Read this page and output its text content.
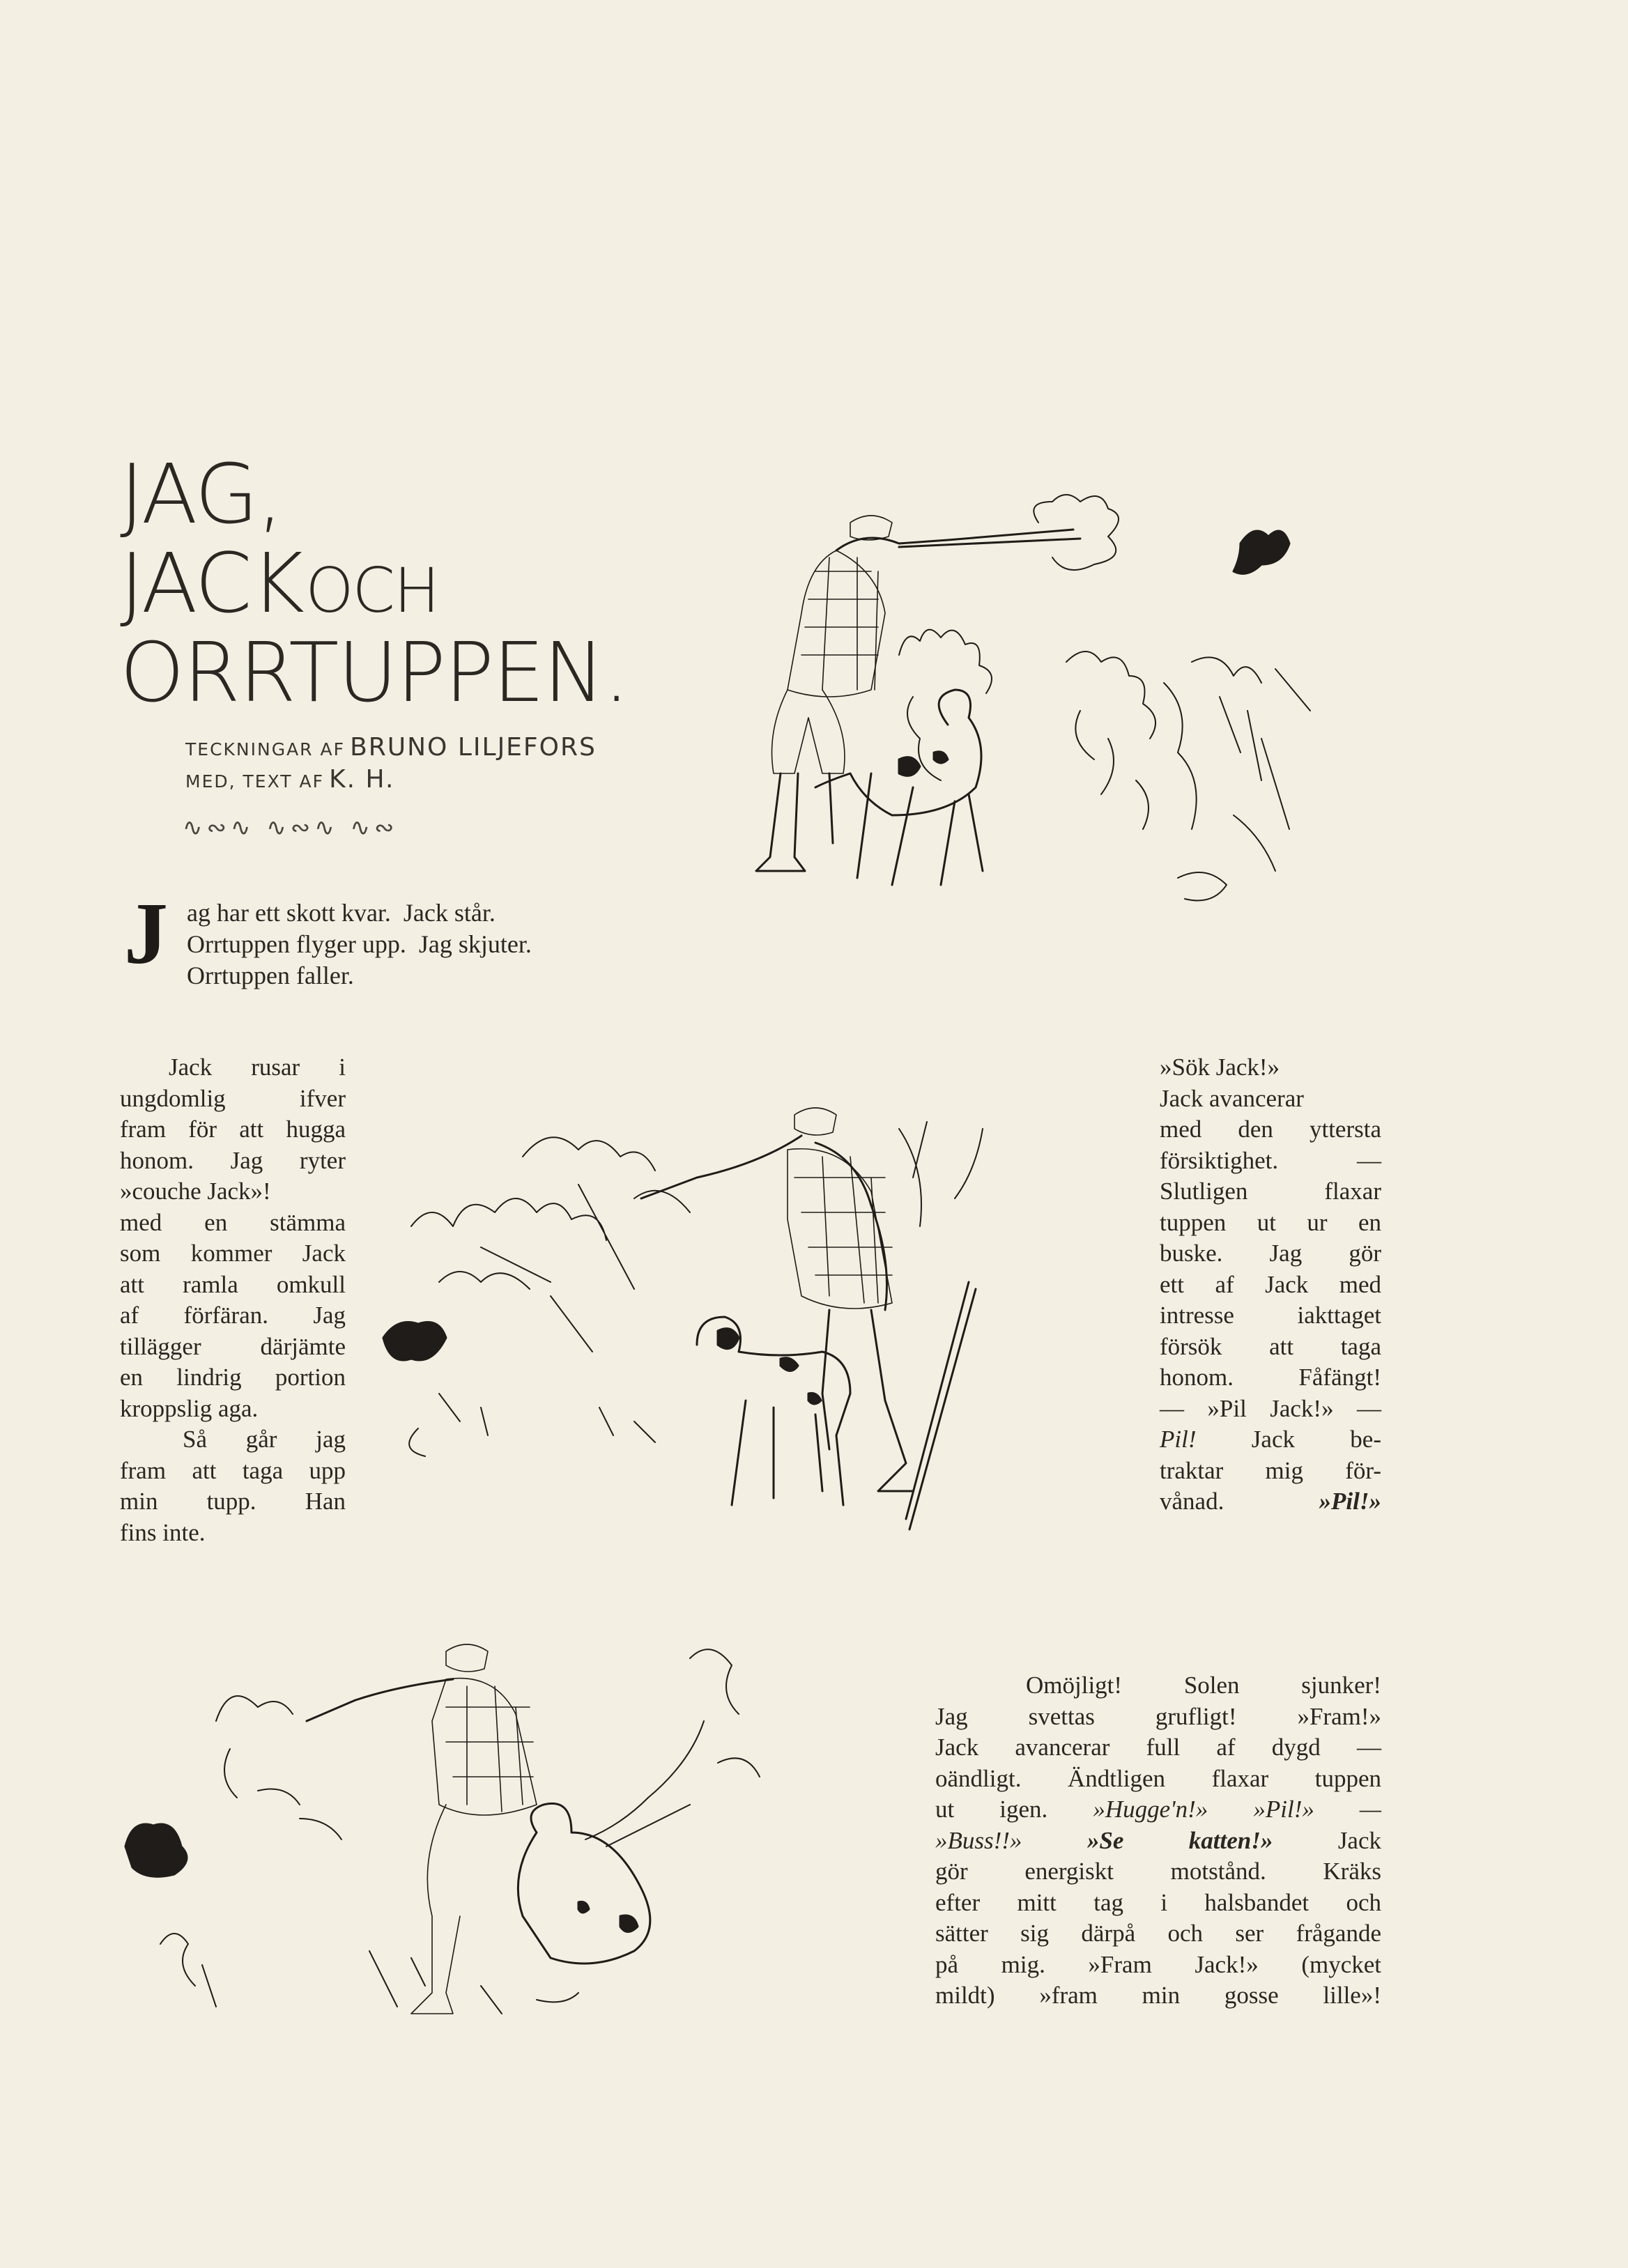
JAG,
JACK OCH
ORRTUPPEN.
TECKNINGAR AF BRUNO LILJEFORS
MED, TEXT AF K. H.
∿∾∿ ∿∾∿ ∿∾
J ag har ett skott kvar.  Jack står.
Orrtuppen flyger upp.  Jag skjuter.
Orrtuppen faller.
Jack rusar i
ungdomlig ifver
fram för att hugga
honom. Jag ryter
»couche Jack»!
med en stämma
som kommer Jack
att ramla omkull
af förfäran. Jag
tillägger därjämte
en lindrig portion
kroppslig aga.
Så går jag
fram att taga upp
min tupp. Han
fins inte.
»Sök Jack!»
Jack avancerar
med den yttersta
försiktighet. —
Slutligen flaxar
tuppen ut ur en
buske. Jag gör
ett af Jack med
intresse iakttaget
försök att taga
honom. Fåfängt!
— »Pil Jack!» —
Pil! Jack be-
traktar mig för-
vånad.	»Pil!»
Omöjligt! Solen sjunker!
Jag svettas grufligt! »Fram!»
Jack avancerar full af dygd —
oändligt. Ändtligen flaxar tuppen
ut igen. »Hugge'n!» »Pil!» —
»Buss!!»	»Se katten!»	Jack
gör energiskt motstånd. Kräks
efter mitt tag i halsbandet och
sätter sig därpå och ser frågande
på mig. »Fram Jack!» (mycket
mildt) »fram min gosse lille»!
